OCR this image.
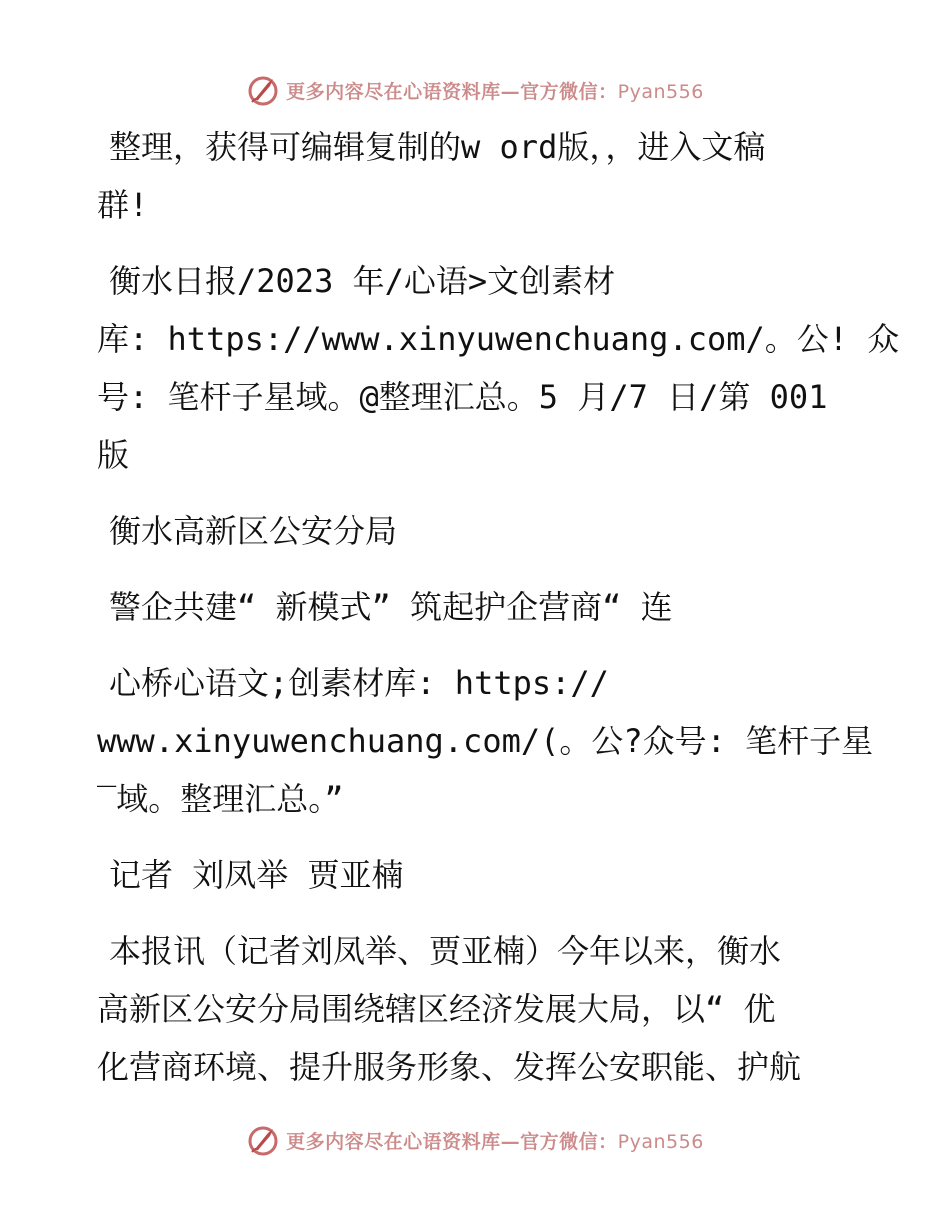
更多内容尽在心语资料库—官方微信：Pyan556
整理，获得可编辑复制的w ord版，，进入文稿
群!
衡水日报/2023 年/心语>文创素材
库: https://www.xinyuwenchuang.com/。公! 众
号: 笔杆子星域。@整理汇总。5 月/7 日/第 001
版
衡水高新区公安分局
警企共建“ 新模式” 筑起护企营商“ 连
心桥心语文;创素材库: https://
www.xinyuwenchuang.com/(。公?众号: 笔杆子星
‾域。整理汇总。”
记者 刘凤举 贾亚楠
本报讯（记者刘凤举、贾亚楠）今年以来，衡水
高新区公安分局围绕辖区经济发展大局，以“ 优
化营商环境、提升服务形象、发挥公安职能、护航
更多内容尽在心语资料库—官方微信：Pyan556
